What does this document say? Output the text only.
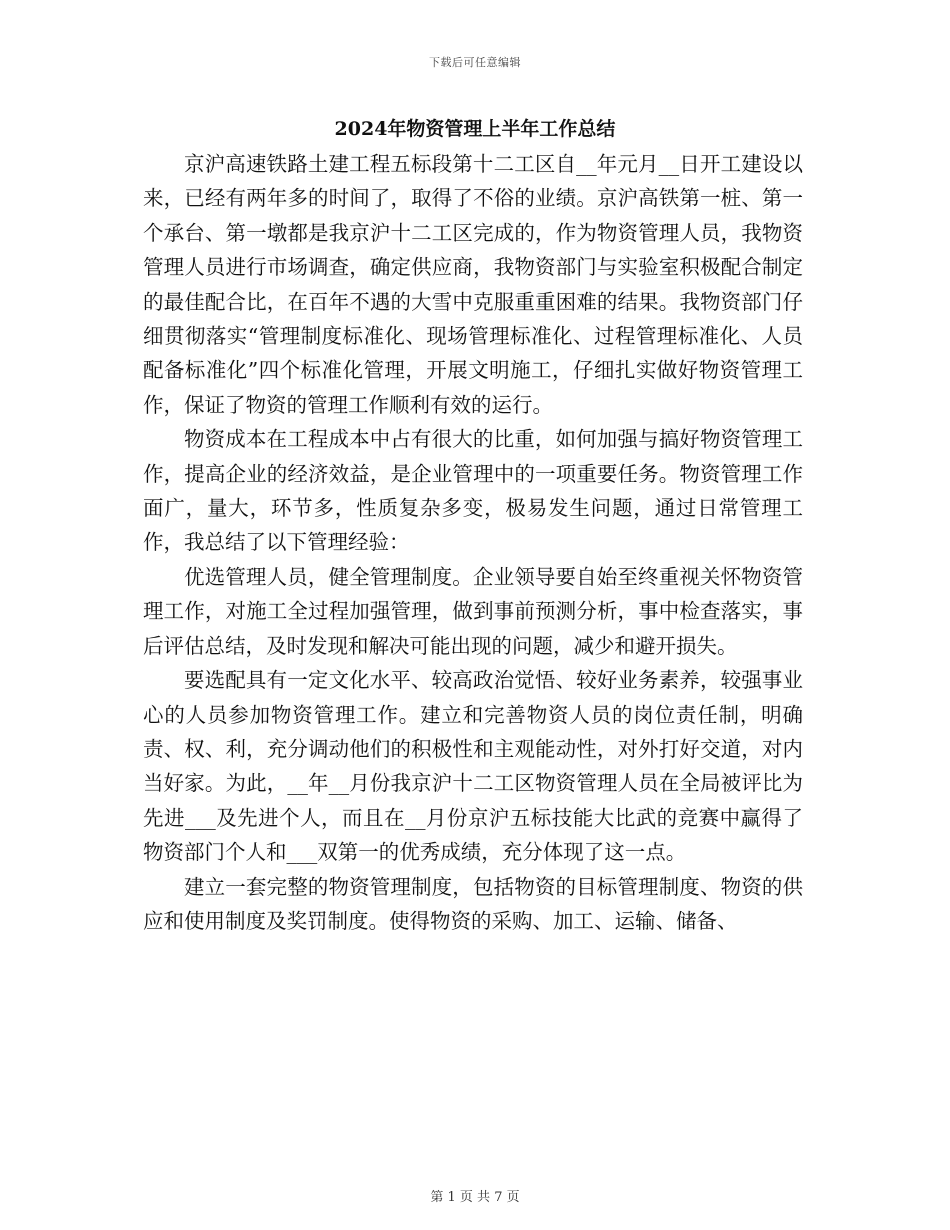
下载后可任意编辑
2024年物资管理上半年工作总结

京沪高速铁路土建工程五标段第十二工区自__年元月__日开工建设以来，已经有两年多的时间了，取得了不俗的业绩。京沪高铁第一桩、第一个承台、第一墩都是我京沪十二工区完成的，作为物资管理人员，我物资管理人员进行市场调查，确定供应商，我物资部门与实验室积极配合制定的最佳配合比，在百年不遇的大雪中克服重重困难的结果。我物资部门仔细贯彻落实“管理制度标准化、现场管理标准化、过程管理标准化、人员配备标准化”四个标准化管理，开展文明施工，仔细扎实做好物资管理工作，保证了物资的管理工作顺利有效的运行。

物资成本在工程成本中占有很大的比重，如何加强与搞好物资管理工作，提高企业的经济效益，是企业管理中的一项重要任务。物资管理工作面广，量大，环节多，性质复杂多变，极易发生问题，通过日常管理工作，我总结了以下管理经验：

优选管理人员，健全管理制度。企业领导要自始至终重视关怀物资管理工作，对施工全过程加强管理，做到事前预测分析，事中检查落实，事后评估总结，及时发现和解决可能出现的问题，减少和避开损失。

要选配具有一定文化水平、较高政治觉悟、较好业务素养，较强事业心的人员参加物资管理工作。建立和完善物资人员的岗位责任制，明确责、权、利，充分调动他们的积极性和主观能动性，对外打好交道，对内当好家。为此，__年__月份我京沪十二工区物资管理人员在全局被评比为先进___及先进个人，而且在__月份京沪五标技能大比武的竞赛中赢得了物资部门个人和___双第一的优秀成绩，充分体现了这一点。

建立一套完整的物资管理制度，包括物资的目标管理制度、物资的供应和使用制度及奖罚制度。使得物资的采购、加工、运输、储备、

第 1 页 共 7 页
